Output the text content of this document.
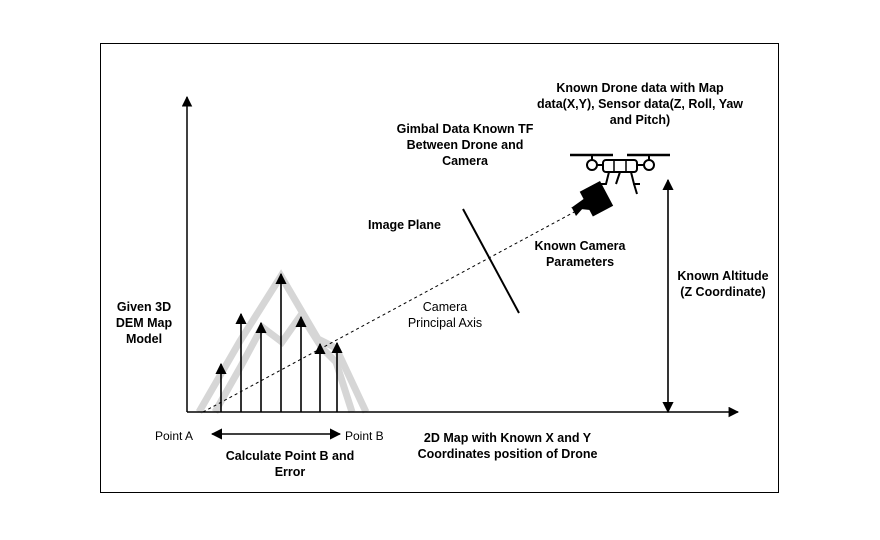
Known Drone data with Map
data(X,Y), Sensor data(Z, Roll, Yaw
and Pitch)
Gimbal Data Known TF
Between Drone and
Camera
Image Plane
Known Camera
Parameters
Known Altitude
(Z Coordinate)
Given 3D
DEM Map
Model
Camera
Principal Axis
Point A	Point B
Calculate Point B and
Error
2D Map with Known X and Y
Coordinates position of Drone
